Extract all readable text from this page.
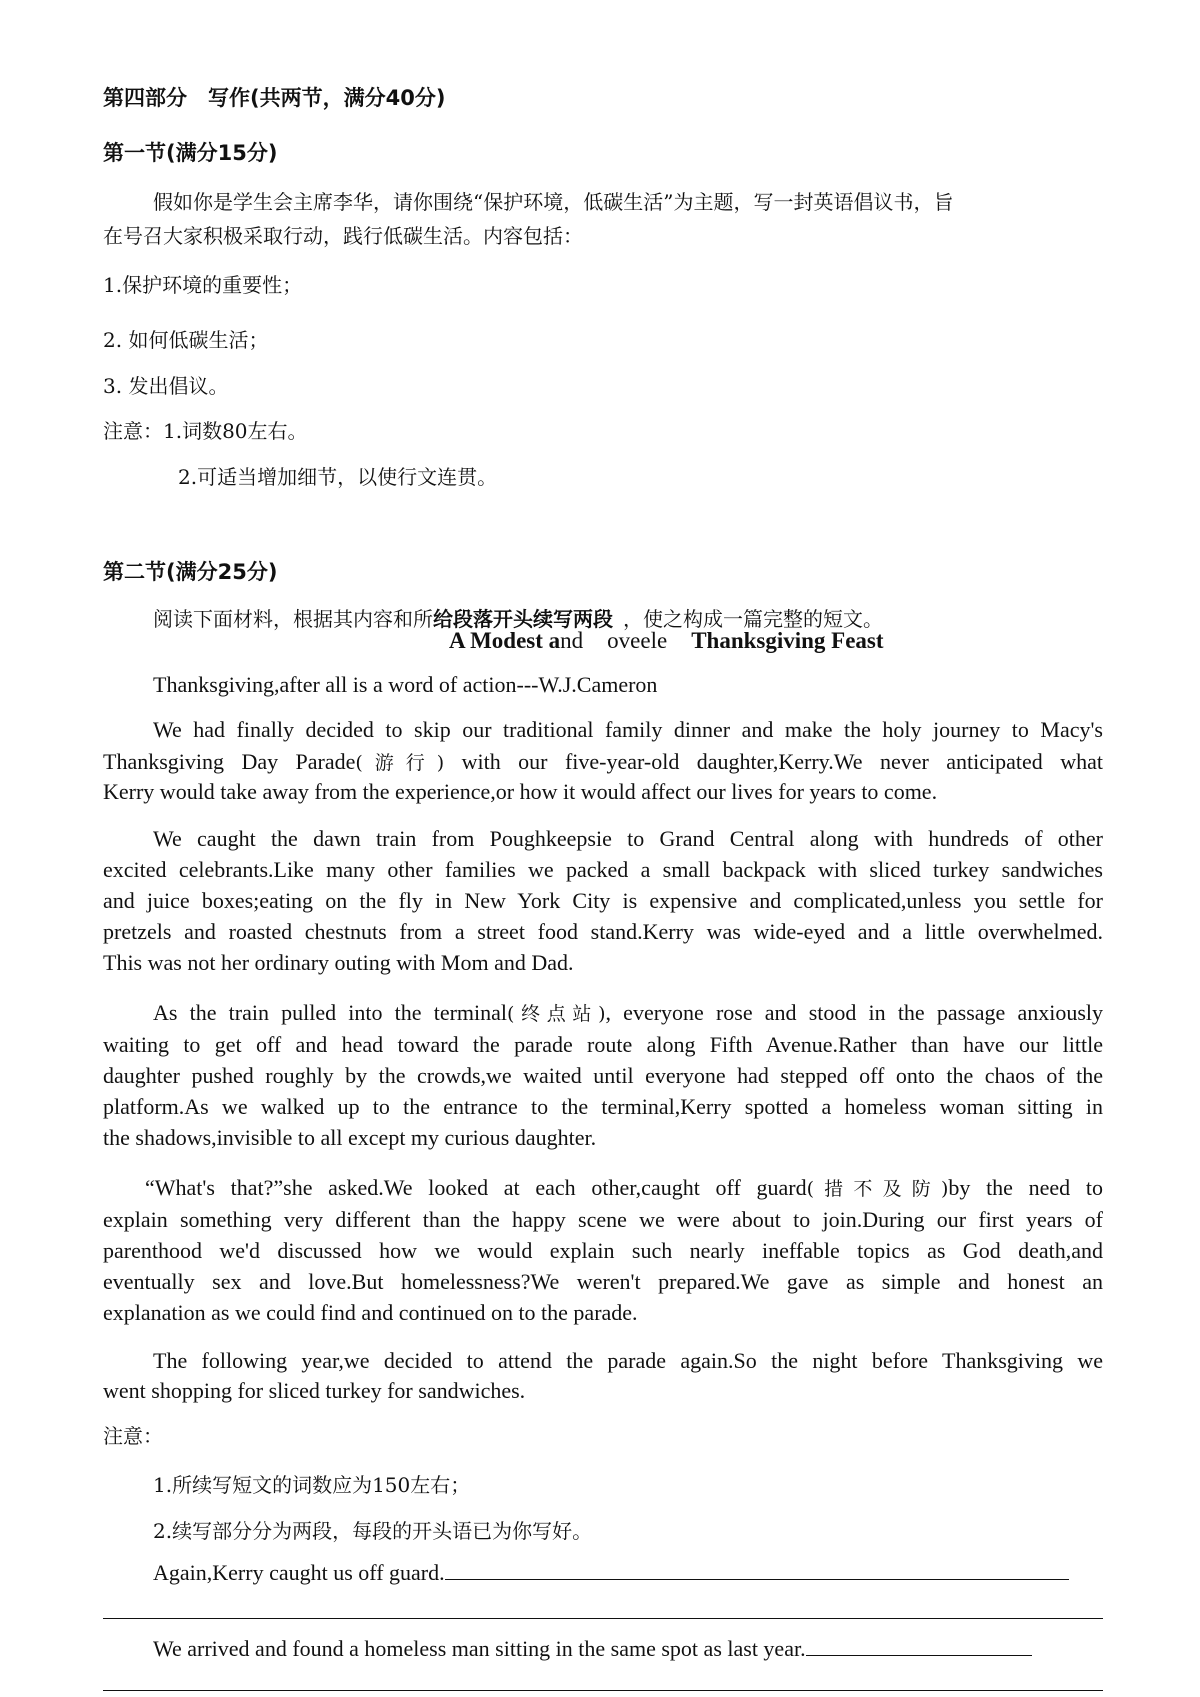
第四部分　写作(共两节，满分40分)
第一节(满分15分)
假如你是学生会主席李华，请你围绕“保护环境，低碳生活”为主题，写一封英语倡议书，旨
在号召大家积极采取行动，践行低碳生活。内容包括：
1.保护环境的重要性；
2. 如何低碳生活；
3. 发出倡议。
注意：1.词数80左右。
2.可适当增加细节，以使行文连贯。
第二节(满分25分)
阅读下面材料，根据其内容和所给段落开头续写两段 ，使之构成一篇完整的短文。
A Modest and oveele Thanksgiving Feast
Thanksgiving,after all is a word of action---W.J.Cameron
We had finally decided to skip our traditional family dinner and make the holy journey to Macy's
Thanksgiving Day Parade(游行) with our five-year-old daughter,Kerry.We never anticipated what
Kerry would take away from the experience,or how it would affect our lives for years to come.
We caught the dawn train from Poughkeepsie to Grand Central along with hundreds of other
excited celebrants.Like many other families we packed a small backpack with sliced turkey sandwiches
and juice boxes;eating on the fly in New York City is expensive and complicated,unless you settle for
pretzels and roasted chestnuts from a street food stand.Kerry was wide-eyed and a little overwhelmed.
This was not her ordinary outing with Mom and Dad.
As the train pulled into the terminal(终点站), everyone rose and stood in the passage anxiously
waiting to get off and head toward the parade route along Fifth Avenue.Rather than have our little
daughter pushed roughly by the crowds,we waited until everyone had stepped off onto the chaos of the
platform.As we walked up to the entrance to the terminal,Kerry spotted a homeless woman sitting in
the shadows,invisible to all except my curious daughter.
“What's that?”she asked.We looked at each other,caught off guard(措不及防)by the need to
explain something very different than the happy scene we were about to join.During our first years of
parenthood we'd discussed how we would explain such nearly ineffable topics as God death,and
eventually sex and love.But homelessness?We weren't prepared.We gave as simple and honest an
explanation as we could find and continued on to the parade.
The following year,we decided to attend the parade again.So the night before Thanksgiving we
went shopping for sliced turkey for sandwiches.
注意：
1.所续写短文的词数应为150左右；
2.续写部分分为两段，每段的开头语已为你写好。
Again,Kerry caught us off guard.
We arrived and found a homeless man sitting in the same spot as last year.
